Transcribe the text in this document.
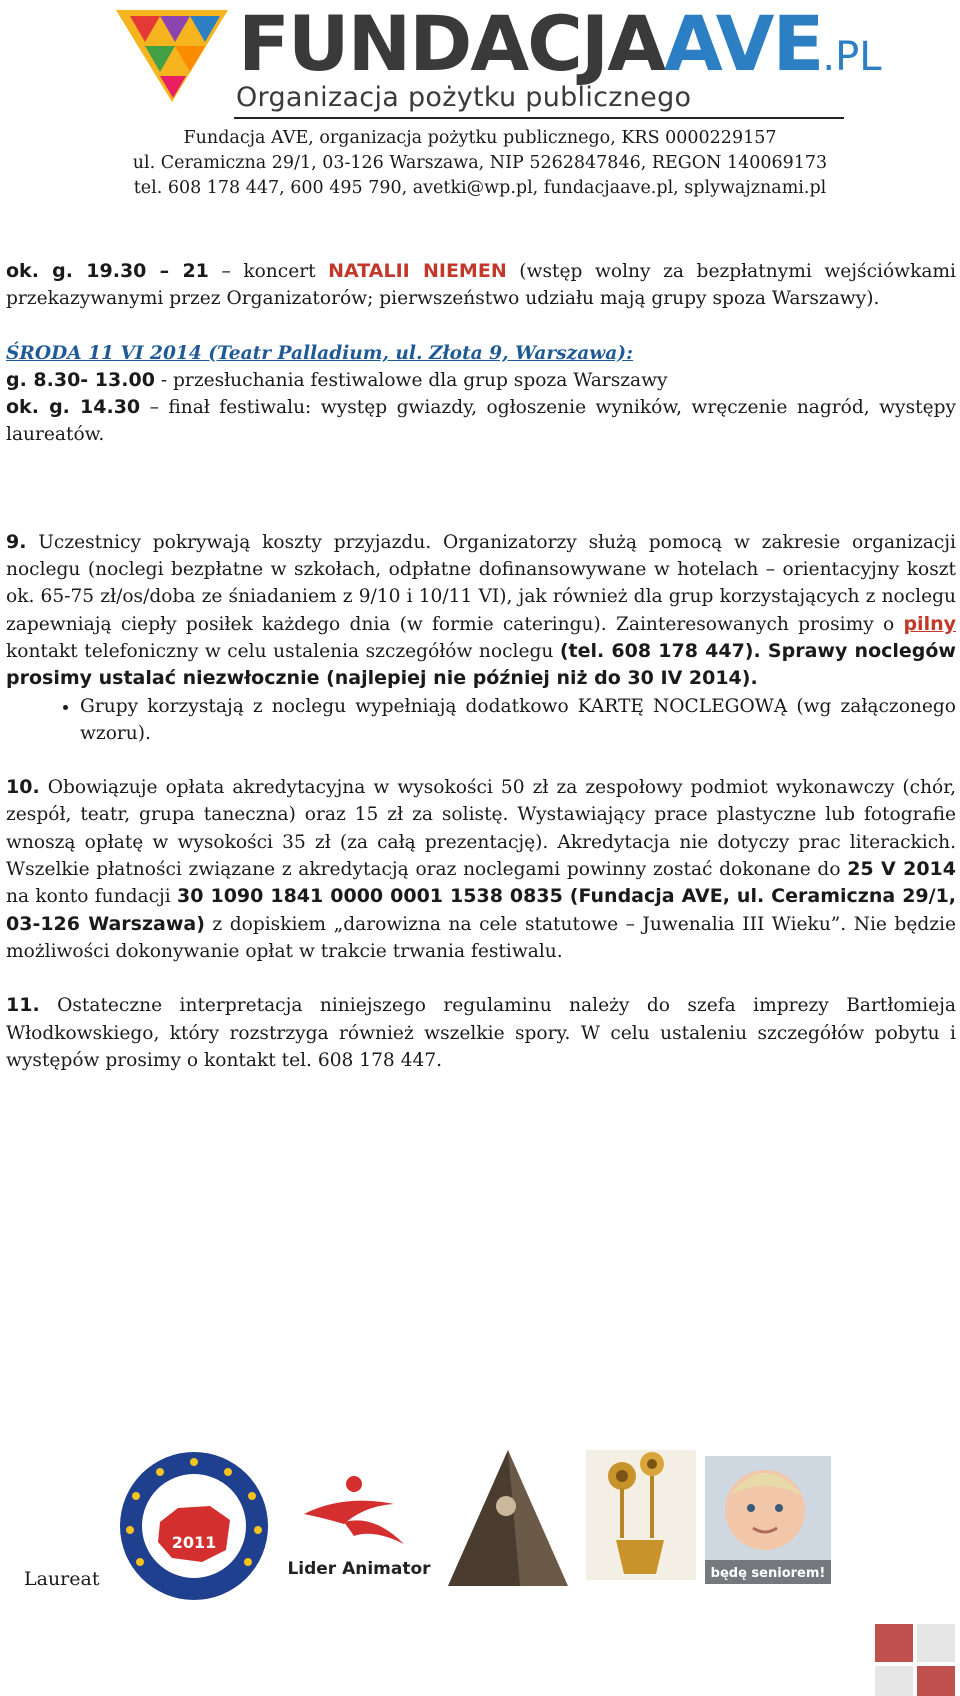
FUNDACJAAVE.PL
Organizacja pożytku publicznego
Fundacja AVE, organizacja pożytku publicznego, KRS 0000229157
ul. Ceramiczna 29/1, 03-126 Warszawa, NIP 5262847846, REGON 140069173
tel. 608 178 447, 600 495 790, avetki@wp.pl, fundacjaave.pl, splywajznami.pl

ok. g. 19.30 – 21 – koncert NATALII NIEMEN (wstęp wolny za bezpłatnymi wejściówkami przekazywanymi przez Organizatorów; pierwszeństwo udziału mają grupy spoza Warszawy).

ŚRODA 11 VI 2014 (Teatr Palladium, ul. Złota 9, Warszawa):

g. 8.30- 13.00 - przesłuchania festiwalowe dla grup spoza Warszawy

ok. g. 14.30 – finał festiwalu: występ gwiazdy, ogłoszenie wyników, wręczenie nagród, występy laureatów.

9. Uczestnicy pokrywają koszty przyjazdu. Organizatorzy służą pomocą w zakresie organizacji noclegu (noclegi bezpłatne w szkołach, odpłatne dofinansowywane w hotelach – orientacyjny koszt ok. 65-75 zł/os/doba ze śniadaniem z 9/10 i 10/11 VI), jak również dla grup korzystających z noclegu zapewniają ciepły posiłek każdego dnia (w formie cateringu). Zainteresowanych prosimy o pilny kontakt telefoniczny w celu ustalenia szczegółów noclegu (tel. 608 178 447). Sprawy noclegów prosimy ustalać niezwłocznie (najlepiej nie później niż do 30 IV 2014).

• Grupy korzystają z noclegu wypełniają dodatkowo KARTĘ NOCLEGOWĄ (wg załączonego wzoru).

10. Obowiązuje opłata akredytacyjna w wysokości 50 zł za zespołowy podmiot wykonawczy (chór, zespół, teatr, grupa taneczna) oraz 15 zł za solistę. Wystawiający prace plastyczne lub fotografie wnoszą opłatę w wysokości 35 zł (za całą prezentację). Akredytacja nie dotyczy prac literackich. Wszelkie płatności związane z akredytacją oraz noclegami powinny zostać dokonane do 25 V 2014 na konto fundacji 30 1090 1841 0000 0001 1538 0835 (Fundacja AVE, ul. Ceramiczna 29/1, 03-126 Warszawa) z dopiskiem „darowizna na cele statutowe – Juwenalia III Wieku”. Nie będzie możliwości dokonywanie opłat w trakcie trwania festiwalu.

11. Ostateczne interpretacja niniejszego regulaminu należy do szefa imprezy Bartłomieja Włodkowskiego, który rozstrzyga również wszelkie spory. W celu ustaleniu szczegółów pobytu i występów prosimy o kontakt tel. 608 178 447.

Laureat
2011
Lider Animator	będę seniorem!
